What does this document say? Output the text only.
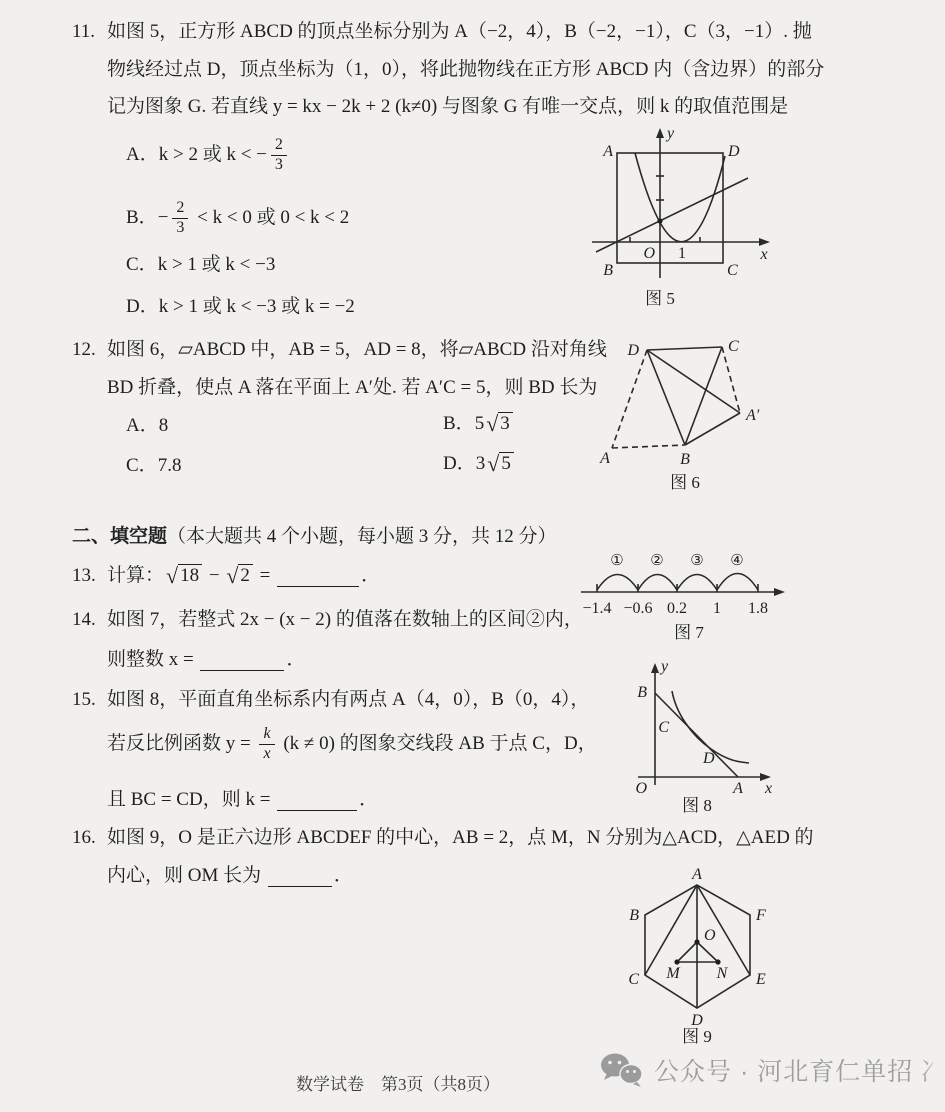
11. 如图 5，正方形 ABCD 的顶点坐标分别为 A（−2，4），B（−2，−1），C（3，−1）. 抛
物线经过点 D，顶点坐标为（1，0），将此抛物线在正方形 ABCD 内（含边界）的部分
记为图象 G. 若直线 y = kx − 2k + 2 (k≠0) 与图象 G 有唯一交点，则 k 的取值范围是
A． k > 2 或 k < − $\frac{2}{3}$
B． − $\frac{2}{3} < k < 0$ 或 0 < k < 2
C． k > 1 或 k < −3
D． k > 1 或 k < −3 或 k = −2
A	D
B	C
O 1	x
y
图 5
12. 如图 6，▱ABCD 中，AB = 5，AD = 8，将▱ABCD 沿对角线
BD 折叠，使点 A 落在平面上 A′处. 若 A′C = 5，则 BD 长为
A． 8	B． 5 √ 3
C． 7.8	D． 3 √ 5
D	C
A′
B
A
图 6
二、填空题 （本大题共 4 个小题，每小题 3 分，共 12 分）
13. 计算： √ 18 − √ 2 =	．
14. 如图 7，若整式 2x − (x − 2) 的值落在数轴上的区间②内，
则整数 x =	．
① ② ③ ④
−1.4 −0.6 0.2 1 1.8
图 7
15. 如图 8，平面直角坐标系内有两点 A（4，0），B（0，4），
若反比例函数 $y = \frac{k}{x} (k \ne 0)$ 的图象交线段 AB 于点 C，D，
且 BC = CD，则 k =	．
B
C
D
O	A x
y
图 8
16. 如图 9，O 是正六边形 ABCDEF 的中心，AB = 2，点 M，N 分别为△ACD，△AED 的
内心，则 OM 长为	．	A
B
C
D
E
F
O
M N
图 9
数学试卷　第3页（共8页）	公众号 · 河北育仁单招 冫
